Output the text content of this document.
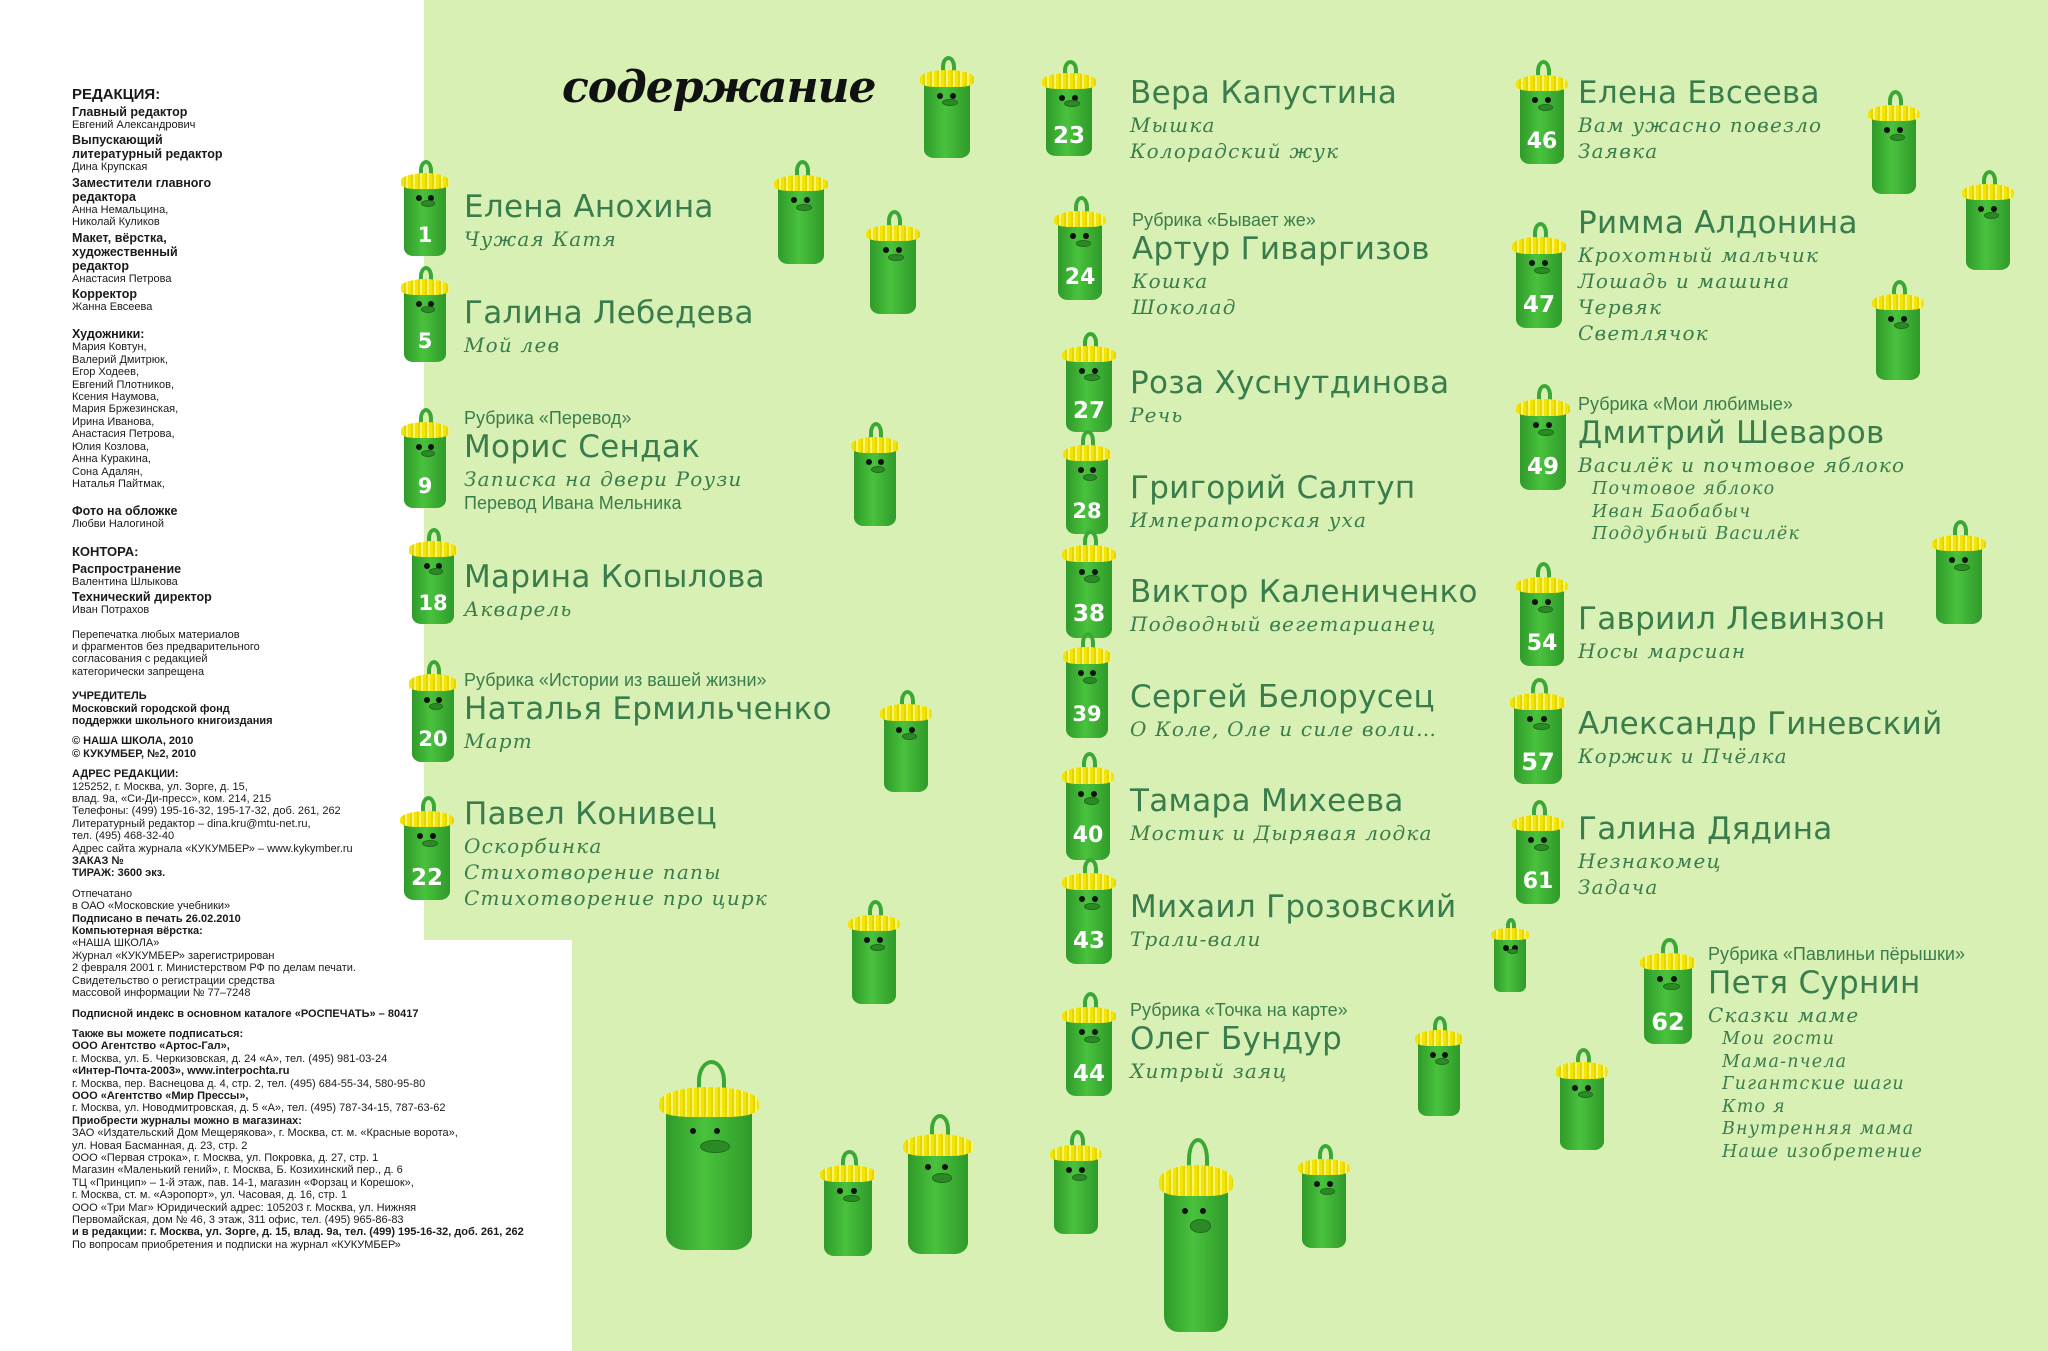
РЕДАКЦИЯ:
Главный редактор
Евгений Александрович
Выпускающий литературный редактор
Дина Крупская
Заместители главного редактора
Анна Немальцина,
Николай Куликов
Макет, вёрстка, художественный редактор
Анастасия Петрова
Корректор
Жанна Евсеева
Художники:
Мария Ковтун,
Валерий Дмитрюк,
Егор Ходеев,
Евгений Плотников,
Ксения Наумова,
Мария Бржезинская,
Ирина Иванова,
Анастасия Петрова,
Юлия Козлова,
Анна Куракина,
Сона Адалян,
Наталья Пайтмак,
Фото на обложке
Любви Налогиной
КОНТОРА:
Распространение
Валентина Шлыкова
Технический директор
Иван Потрахов
Перепечатка любых материалов
и фрагментов без предварительного
согласования с редакцией
категорически запрещена
УЧРЕДИТЕЛЬ
Московский городской фонд
поддержки школьного книгоиздания
© НАША ШКОЛА, 2010
© КУКУМБЕР, №2, 2010
АДРЕС РЕДАКЦИИ:
125252, г. Москва, ул. Зорге, д. 15,
влад. 9а, «Си-Ди-пресс», ком. 214, 215
Телефоны: (499) 195-16-32, 195-17-32, доб. 261, 262
Литературный редактор – dina.kru@mtu-net.ru,
тел. (495) 468-32-40
Адрес сайта журнала «КУКУМБЕР» – www.kykymber.ru
ЗАКАЗ №
ТИРАЖ: 3600 экз.
Отпечатано
в ОАО «Московские учебники»
Подписано в печать 26.02.2010
Компьютерная вёрстка:
«НАША ШКОЛА»
Журнал «КУКУМБЕР» зарегистрирован
2 февраля 2001 г. Министерством РФ по делам печати.
Свидетельство о регистрации средства
массовой информации № 77–7248
Подписной индекс в основном каталоге «РОСПЕЧАТЬ» – 80417
Также вы можете подписаться:
ООО Агентство «Артос-Гал»,
г. Москва, ул. Б. Черкизовская, д. 24 «А», тел. (495) 981-03-24
«Интер-Почта-2003», www.interpochta.ru
г. Москва, пер. Васнецова д. 4, стр. 2, тел. (495) 684-55-34, 580-95-80
ООО «Агентство «Мир Прессы»,
г. Москва, ул. Новодмитровская, д. 5 «А», тел. (495) 787-34-15, 787-63-62
Приобрести журналы можно в магазинах:
ЗАО «Издательский Дом Мещерякова», г. Москва, ст. м. «Красные ворота»,
ул. Новая Басманная, д. 23, стр. 2
ООО «Первая строка», г. Москва, ул. Покровка, д. 27, стр. 1
Магазин «Маленький гений», г. Москва, Б. Козихинский пер., д. 6
ТЦ «Принцип» – 1-й этаж, пав. 14-1, магазин «Форзац и Корешок»,
г. Москва, ст. м. «Аэропорт», ул. Часовая, д. 16, стр. 1
ООО «Три Маг» Юридический адрес: 105203 г. Москва, ул. Нижняя
Первомайская, дом № 46, 3 этаж, 311 офис, тел. (495) 965-86-83
и в редакции: г. Москва, ул. Зорге, д. 15, влад. 9а, тел. (499) 195-16-32, доб. 261, 262
По вопросам приобретения и подписки на журнал «КУКУМБЕР»
содержание
1
5
9
18
20
22
23
24
27
28
38
39
40
43
44
46
47
49
54
57
61
62
Елена Анохина
Чужая Катя
Галина Лебедева
Мой лев
Рубрика «Перевод»
Морис Сендак
Записка на двери Роузи
Перевод Ивана Мельника
Марина Копылова
Акварель
Рубрика «Истории из вашей жизни»
Наталья Ермильченко
Март
Павел Конивец
Оскорбинка
Стихотворение папы
Стихотворение про цирк
Вера Капустина
Мышка
Колорадский жук
Рубрика «Бывает же»
Артур Гиваргизов
Кошка
Шоколад
Роза Хуснутдинова
Речь
Григорий Салтуп
Императорская уха
Виктор Калениченко
Подводный вегетарианец
Сергей Белорусец
О Коле, Оле и силе воли…
Тамара Михеева
Мостик и Дырявая лодка
Михаил Грозовский
Трали-вали
Рубрика «Точка на карте»
Олег Бундур
Хитрый заяц
Елена Евсеева
Вам ужасно повезло
Заявка
Римма Алдонина
Крохотный мальчик
Лошадь и машина
Червяк
Светлячок
Рубрика «Мои любимые»
Дмитрий Шеваров
Василёк и почтовое яблоко
Почтовое яблоко
Иван Баобабыч
Поддубный Василёк
Гавриил Левинзон
Носы марсиан
Александр Гиневский
Коржик и Пчёлка
Галина Дядина
Незнакомец
Задача
Рубрика «Павлиньи пёрышки»
Петя Сурнин
Сказки маме
Мои гости
Мама-пчела
Гигантские шаги
Кто я
Внутренняя мама
Наше изобретение
